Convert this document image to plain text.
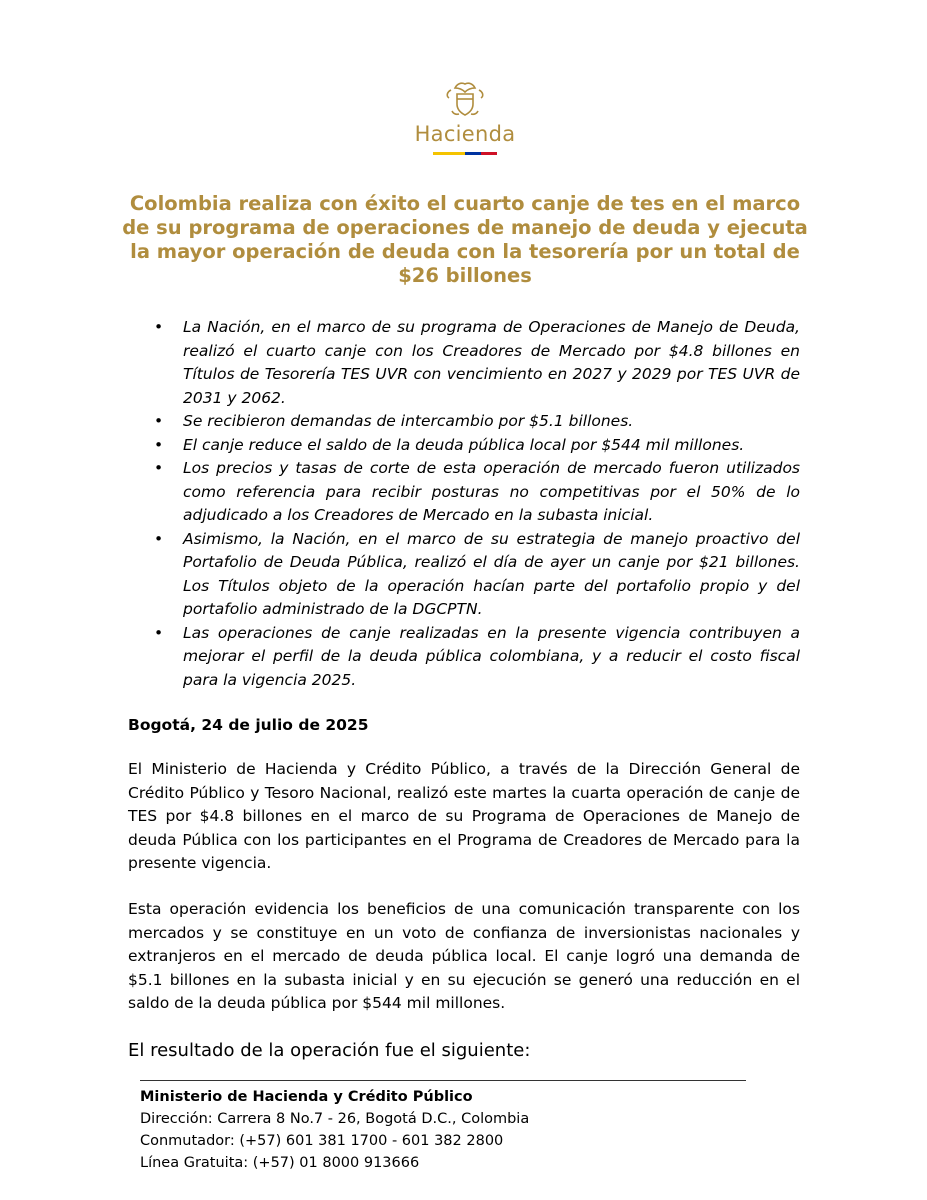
Hacienda
Colombia realiza con éxito el cuarto canje de tes en el marco de su programa de operaciones de manejo de deuda y ejecuta la mayor operación de deuda con la tesorería por un total de $26 billones
• La Nación, en el marco de su programa de Operaciones de Manejo de Deuda, realizó el cuarto canje con los Creadores de Mercado por $4.8 billones en Títulos de Tesorería TES UVR con vencimiento en 2027 y 2029 por TES UVR de 2031 y 2062.
• Se recibieron demandas de intercambio por $5.1 billones.
• El canje reduce el saldo de la deuda pública local por $544 mil millones.
• Los precios y tasas de corte de esta operación de mercado fueron utilizados como referencia para recibir posturas no competitivas por el 50% de lo adjudicado a los Creadores de Mercado en la subasta inicial.
• Asimismo, la Nación, en el marco de su estrategia de manejo proactivo del Portafolio de Deuda Pública, realizó el día de ayer un canje por $21 billones. Los Títulos objeto de la operación hacían parte del portafolio propio y del portafolio administrado de la DGCPTN.
• Las operaciones de canje realizadas en la presente vigencia contribuyen a mejorar el perfil de la deuda pública colombiana, y a reducir el costo fiscal para la vigencia 2025.
Bogotá, 24 de julio de 2025

El Ministerio de Hacienda y Crédito Público, a través de la Dirección General de Crédito Público y Tesoro Nacional, realizó este martes la cuarta operación de canje de TES por $4.8 billones en el marco de su Programa de Operaciones de Manejo de deuda Pública con los participantes en el Programa de Creadores de Mercado para la presente vigencia.

Esta operación evidencia los beneficios de una comunicación transparente con los mercados y se constituye en un voto de confianza de inversionistas nacionales y extranjeros en el mercado de deuda pública local. El canje logró una demanda de $5.1 billones en la subasta inicial y en su ejecución se generó una reducción en el saldo de la deuda pública por $544 mil millones.

El resultado de la operación fue el siguiente:
Ministerio de Hacienda y Crédito Público
Dirección: Carrera 8 No.7 - 26, Bogotá D.C., Colombia
Conmutador: (+57) 601 381 1700 - 601 382 2800
Línea Gratuita: (+57) 01 8000 913666
